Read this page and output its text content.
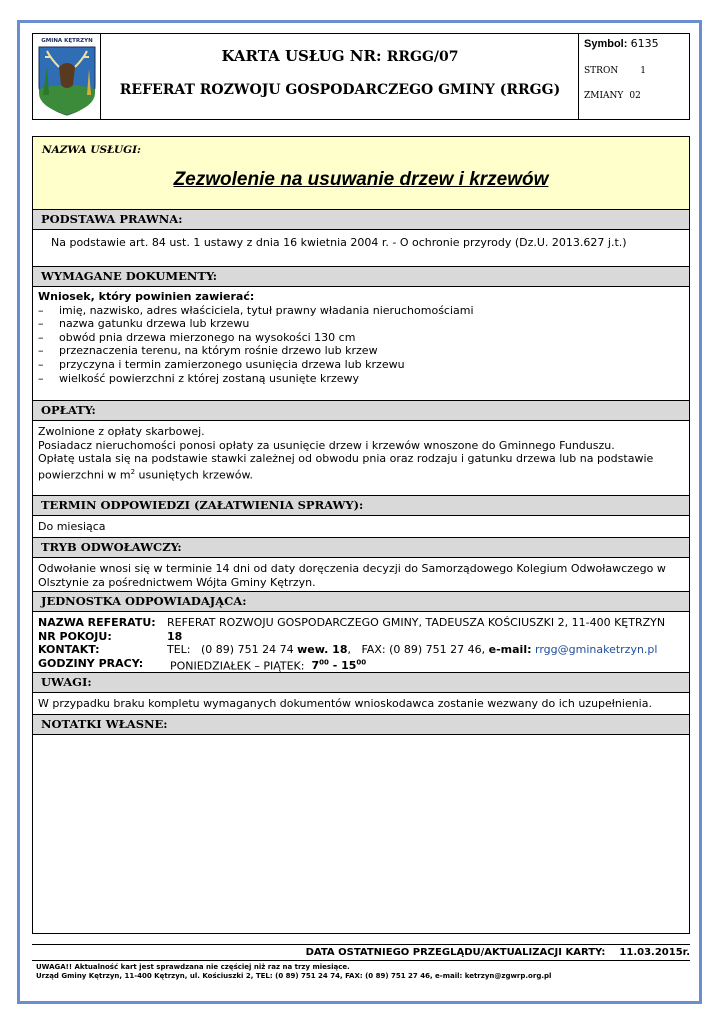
GMINA KĘTRZYN
KARTA USŁUG NR: RRGG/07
REFERAT ROZWOJU GOSPODARCZEGO GMINY (RRGG)
Symbol: 6135
STRON 1
ZMIANY 02
NAZWA USŁUGI:
Zezwolenie na usuwanie drzew i krzewów
PODSTAWA PRAWNA:
Na podstawie art. 84 ust. 1 ustawy z dnia 16 kwietnia 2004 r. - O ochronie przyrody (Dz.U. 2013.627 j.t.)
WYMAGANE DOKUMENTY:
Wniosek, który powinien zawierać:
– imię, nazwisko, adres właściciela, tytuł prawny władania nieruchomościami
– nazwa gatunku drzewa lub krzewu
– obwód pnia drzewa mierzonego na wysokości 130 cm
– przeznaczenia terenu, na którym rośnie drzewo lub krzew
– przyczyna i termin zamierzonego usunięcia drzewa lub krzewu
– wielkość powierzchni z której zostaną usunięte krzewy
OPŁATY:
Zwolnione z opłaty skarbowej.
Posiadacz nieruchomości ponosi opłaty za usunięcie drzew i krzewów wnoszone do Gminnego Funduszu.
Opłatę ustala się na podstawie stawki zależnej od obwodu pnia oraz rodzaju i gatunku drzewa lub na podstawie
powierzchni w $m^2$ usuniętych krzewów.
TERMIN ODPOWIEDZI (ZAŁATWIENIA SPRAWY):
Do miesiąca
TRYB ODWOŁAWCZY:
Odwołanie wnosi się w terminie 14 dni od daty doręczenia decyzji do Samorządowego Kolegium Odwoławczego w
Olsztynie za pośrednictwem Wójta Gminy Kętrzyn.
JEDNOSTKA ODPOWIADAJĄCA:
NAZWA REFERATU: REFERAT ROZWOJU GOSPODARCZEGO GMINY, TADEUSZA KOŚCIUSZKI 2, 11-400 KĘTRZYN
NR POKOJU:	18
KONTAKT:	TEL: (0 89) 751 24 74 wew. 18,   FAX: (0 89) 751 27 46, e-mail: rrgg@gminaketrzyn.pl
GODZINY PRACY: PONIEDZIAŁEK – PIĄTEK: $7^{00} - 15^{00}$
UWAGI:
W przypadku braku kompletu wymaganych dokumentów wnioskodawca zostanie wezwany do ich uzupełnienia.
NOTATKI WŁASNE:
DATA OSTATNIEGO PRZEGLĄDU/AKTUALIZACJI KARTY: 11.03.2015r.
UWAGA!! Aktualność kart jest sprawdzana nie częściej niż raz na trzy miesiące.
Urząd Gminy Kętrzyn, 11-400 Kętrzyn, ul. Kościuszki 2, TEL: (0 89) 751 24 74, FAX: (0 89) 751 27 46, e-mail: ketrzyn@zgwrp.org.pl
